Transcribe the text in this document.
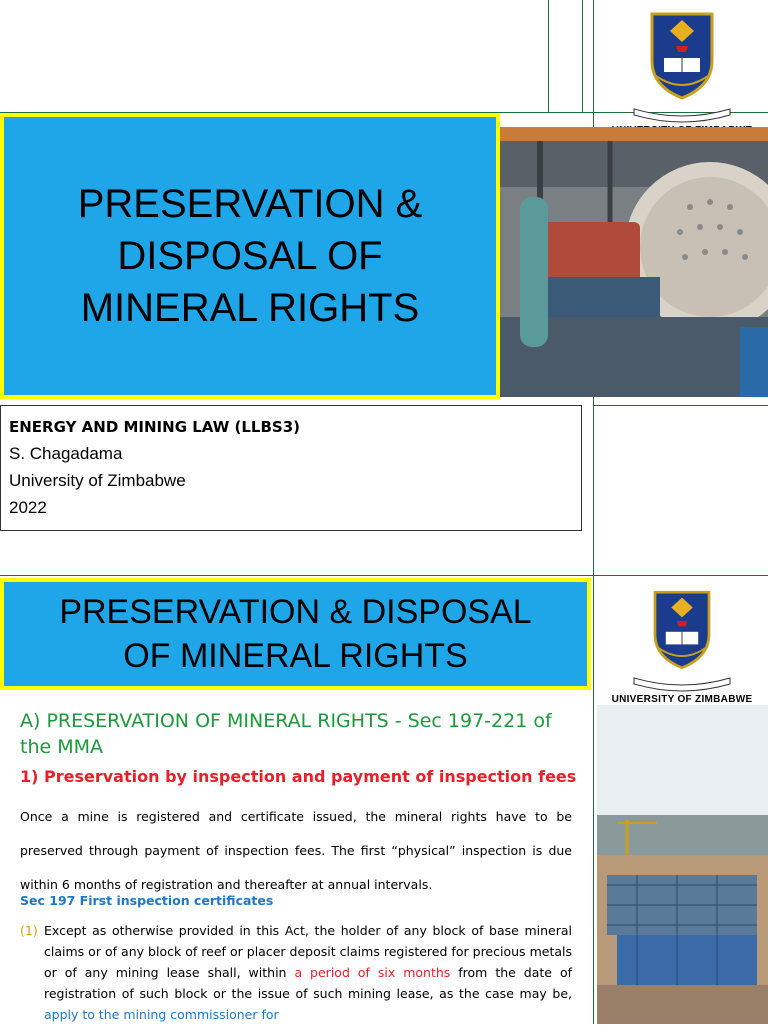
PRESERVATION &
DISPOSAL OF
MINERAL RIGHTS
ENERGY AND MINING LAW (LLBS3)
S. Chagadama
University of Zimbabwe
2022
PRESERVATION & DISPOSAL
OF MINERAL RIGHTS
UNIVERSITY OF ZIMBABWE
A) PRESERVATION OF MINERAL RIGHTS - Sec 197-221 of the MMA
1) Preservation by inspection and payment of inspection fees
Once a mine is registered and certificate issued, the mineral rights have to be preserved through payment of inspection fees. The first “physical” inspection is due within 6 months of registration and thereafter at annual intervals.
Sec 197 First inspection certificates
(1) Except as otherwise provided in this Act, the holder of any block of base mineral claims or of any block of reef or placer deposit claims registered for precious metals or of any mining lease shall, within a period of six months from the date of registration of such block or the issue of such mining lease, as the case may be, apply to the mining commissioner for
